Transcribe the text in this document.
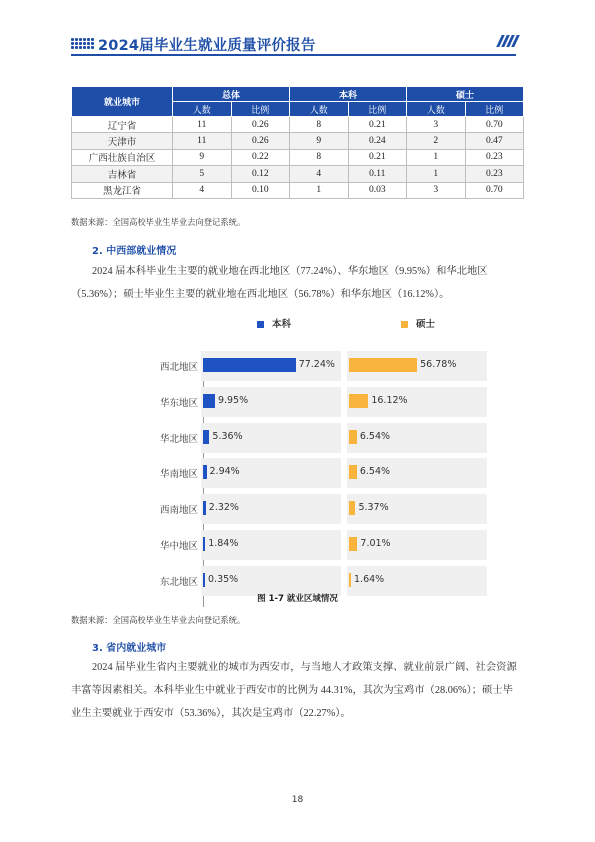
2024届毕业生就业质量评价报告
就业城市	总体		本科		硕士	
	人数	比例	人数	比例	人数	比例
辽宁省	11	0.26	8	0.21	3	0.70
天津市	11	0.26	9	0.24	2	0.47
广西壮族自治区	9	0.22	8	0.21	1	0.23
吉林省	5	0.12	4	0.11	1	0.23
黑龙江省	4	0.10	1	0.03	3	0.70
数据来源：全国高校毕业生毕业去向登记系统。
2. 中西部就业情况
2024 届本科毕业生主要的就业地在西北地区（77.24%）、华东地区（9.95%）和华北地区
（5.36%）；硕士毕业生主要的就业地在西北地区（56.78%）和华东地区（16.12%）。
本科	硕士
西北地区	77.24%	56.78%
华东地区 9.95%	16.12%
华北地区 5.36%	6.54%
华南地区 2.94%	6.54%
西南地区 2.32%	5.37%
华中地区 1.84%	7.01%
东北地区 0.35%	1.64%
图 1-7 就业区域情况
数据来源：全国高校毕业生毕业去向登记系统。
3. 省内就业城市
2024 届毕业生省内主要就业的城市为西安市，与当地人才政策支撑、就业前景广阔、社会资源
丰富等因素相关。本科毕业生中就业于西安市的比例为 44.31%，其次为宝鸡市（28.06%）；硕士毕
业生主要就业于西安市（53.36%），其次是宝鸡市（22.27%）。
18
